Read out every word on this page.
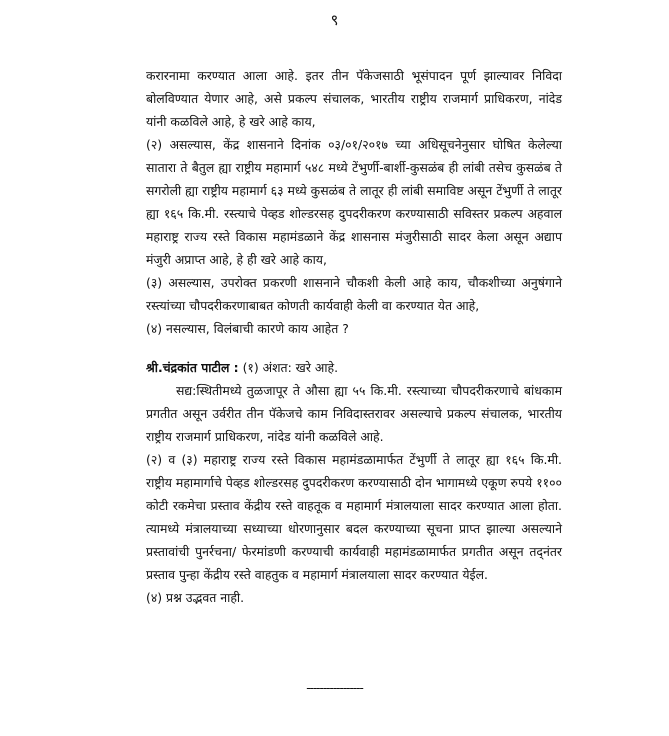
९

करारनामा करण्यात आला आहे. इतर तीन पॅकेजसाठी भूसंपादन पूर्ण झाल्यावर निविदा बोलविण्यात येणार आहे, असे प्रकल्प संचालक, भारतीय राष्ट्रीय राजमार्ग प्राधिकरण, नांदेड यांनी कळविले आहे, हे खरे आहे काय,

(२) असल्यास, केंद्र शासनाने दिनांक ०३/०१/२०१७ च्या अधिसूचनेनुसार घोषित केलेल्या सातारा ते बैतुल ह्या राष्ट्रीय महामार्ग ५४८ मध्ये टेंभुर्णी-बार्शी-कुसळंब ही लांबी तसेच कुसळंब ते सगरोली ह्या राष्ट्रीय महामार्ग ६३ मध्ये कुसळंब ते लातूर ही लांबी समाविष्ट असून टेंभुर्णी ते लातूर ह्या १६५ कि.मी. रस्त्याचे पेव्हड शोल्डरसह दुपदरीकरण करण्यासाठी सविस्तर प्रकल्प अहवाल महाराष्ट्र राज्य रस्ते विकास महामंडळाने केंद्र शासनास मंजुरीसाठी सादर केला असून अद्याप मंजुरी अप्राप्त आहे, हे ही खरे आहे काय,

(३) असल्यास, उपरोक्त प्रकरणी शासनाने चौकशी केली आहे काय, चौकशीच्या अनुषंगाने रस्त्यांच्या चौपदरीकरणाबाबत कोणती कार्यवाही केली वा करण्यात येत आहे,

(४) नसल्यास, विलंबाची कारणे काय आहेत ?

श्री.चंद्रकांत पाटील : (१) अंशत: खरे आहे.

सद्य:स्थितीमध्ये तुळजापूर ते औसा ह्या ५५ कि.मी. रस्त्याच्या चौपदरीकरणाचे बांधकाम प्रगतीत असून उर्वरीत तीन पॅकेजचे काम निविदास्तरावर असल्याचे प्रकल्प संचालक, भारतीय राष्ट्रीय राजमार्ग प्राधिकरण, नांदेड यांनी कळविले आहे.

(२) व (३) महाराष्ट्र राज्य रस्ते विकास महामंडळामार्फत टेंभुर्णी ते लातूर ह्या १६५ कि.मी. राष्ट्रीय महामार्गाचे पेव्हड शोल्डरसह दुपदरीकरण करण्यासाठी दोन भागामध्ये एकूण रुपये ११०० कोटी रकमेचा प्रस्ताव केंद्रीय रस्ते वाहतूक व महामार्ग मंत्रालयाला सादर करण्यात आला होता. त्यामध्ये मंत्रालयाच्या सध्याच्या धोरणानुसार बदल करण्याच्या सूचना प्राप्त झाल्या असल्याने प्रस्तावांची पुनर्रचना/ फेरमांडणी करण्याची कार्यवाही महामंडळामार्फत प्रगतीत असून तद्नंतर प्रस्ताव पुन्हा केंद्रीय रस्ते वाहतुक व महामार्ग मंत्रालयाला सादर करण्यात येईल.

(४) प्रश्न उद्भवत नाही.

-----------------
